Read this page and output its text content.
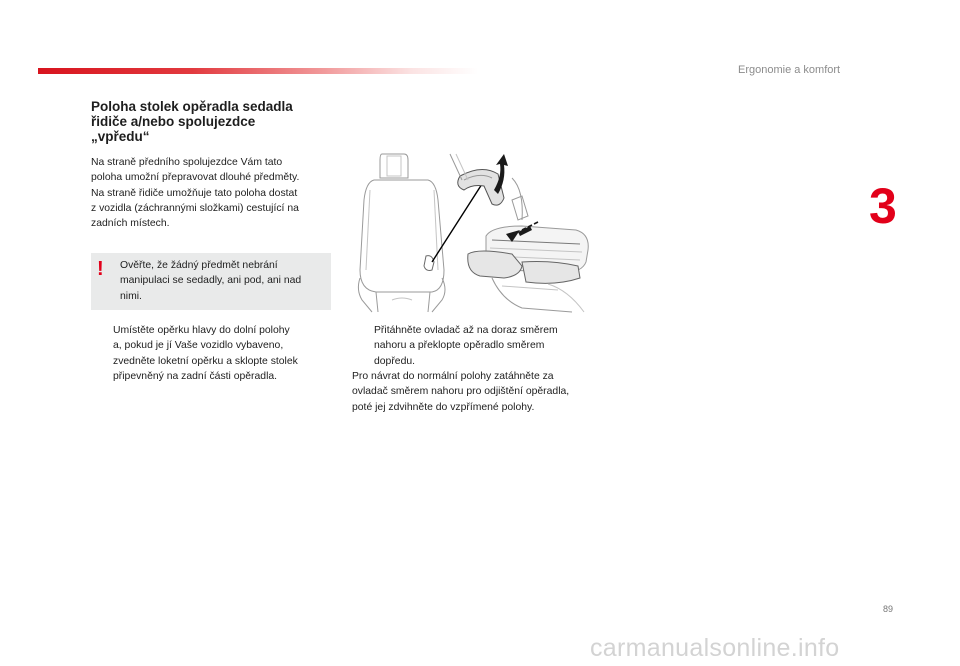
Ergonomie a komfort
3
Poloha stolek opěradla sedadla
řidiče a/nebo spolujezdce
„vpředu“
Na straně předního spolujezdce Vám tato
poloha umožní přepravovat dlouhé předměty.
Na straně řidiče umožňuje tato poloha dostat
z vozidla (záchrannými složkami) cestující na
zadních místech.
! Ověřte, že žádný předmět nebrání
manipulaci se sedadly, ani pod, ani nad
nimi.
Umístěte opěrku hlavy do dolní polohy
a, pokud je jí Vaše vozidlo vybaveno,
zvedněte loketní opěrku a sklopte stolek
připevněný na zadní části opěradla.
Přitáhněte ovladač až na doraz směrem
nahoru a překlopte opěradlo směrem
dopředu.
Pro návrat do normální polohy zatáhněte za
ovladač směrem nahoru pro odjištění opěradla,
poté jej zdvihněte do vzpřímené polohy.
89
carmanualsonline.info
